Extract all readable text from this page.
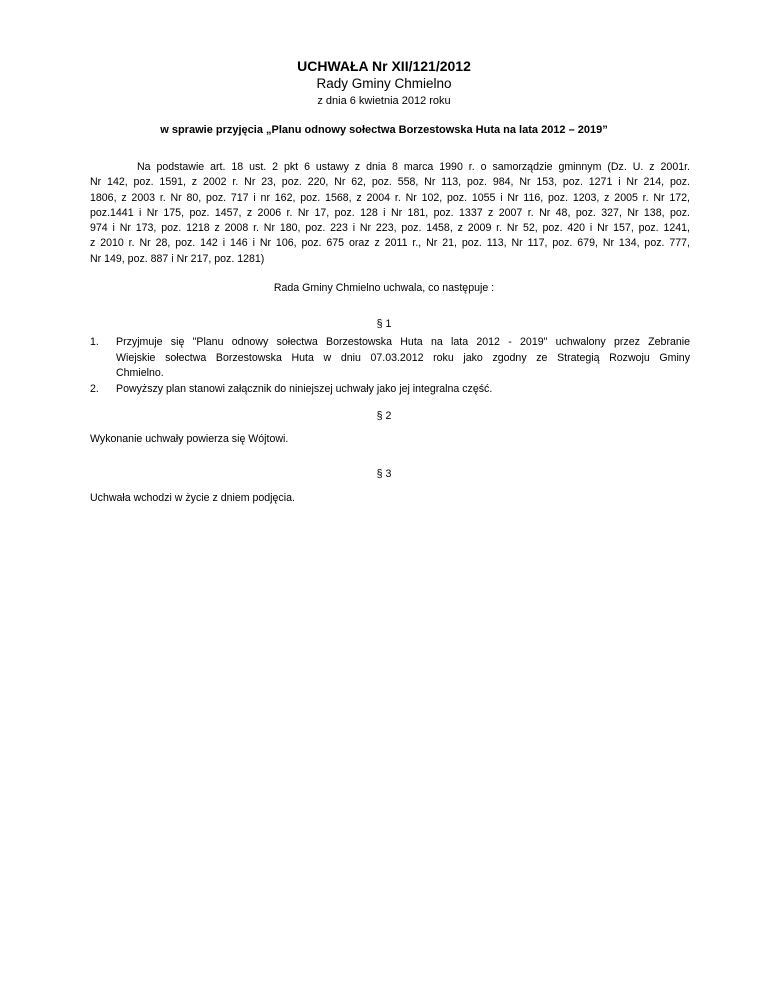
UCHWAŁA Nr XII/121/2012
Rady Gminy Chmielno
z dnia 6 kwietnia 2012 roku
w sprawie przyjęcia „Planu odnowy sołectwa Borzestowska Huta na lata 2012 – 2019”
Na podstawie art. 18 ust. 2 pkt 6 ustawy z dnia 8 marca 1990 r. o samorządzie gminnym (Dz. U. z 2001r.
Nr 142, poz. 1591, z 2002 r. Nr 23, poz. 220, Nr 62, poz. 558, Nr 113, poz. 984, Nr 153, poz. 1271 i Nr 214, poz.
1806, z 2003 r. Nr 80, poz. 717 i nr 162, poz. 1568, z 2004 r. Nr 102, poz. 1055 i Nr 116, poz. 1203, z 2005 r. Nr 172,
poz.1441 i Nr 175, poz. 1457, z 2006 r. Nr 17, poz. 128 i Nr 181, poz. 1337 z 2007 r. Nr 48, poz. 327, Nr 138, poz.
974 i Nr 173, poz. 1218 z 2008 r. Nr 180, poz. 223 i Nr 223, poz. 1458, z 2009 r. Nr 52, poz. 420 i Nr 157, poz. 1241,
z 2010 r. Nr 28, poz. 142 i 146 i Nr 106, poz. 675 oraz z 2011 r., Nr 21, poz. 113, Nr 117, poz. 679, Nr 134, poz. 777,
Nr 149, poz. 887 i Nr 217, poz. 1281)
Rada Gminy Chmielno uchwala, co następuje :
§ 1
1. Przyjmuje się "Planu odnowy sołectwa Borzestowska Huta na lata 2012 - 2019" uchwalony przez Zebranie
Wiejskie sołectwa Borzestowska Huta w dniu 07.03.2012 roku jako zgodny ze Strategią Rozwoju Gminy
Chmielno.
2. Powyższy plan stanowi załącznik do niniejszej uchwały jako jej integralna część.
§ 2
Wykonanie uchwały powierza się Wójtowi.
§ 3
Uchwała wchodzi w życie z dniem podjęcia.
